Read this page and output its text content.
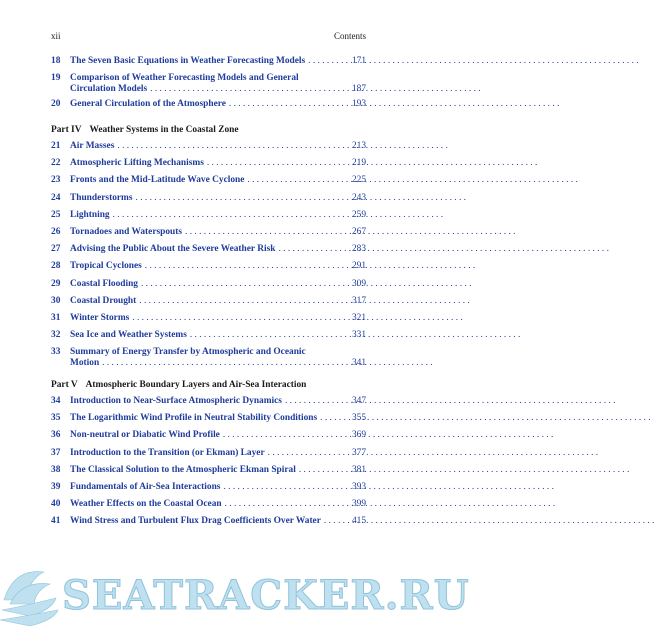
xii	Contents
18	The Seven Basic Equations in Weather Forecasting Models . . .	171
19	Comparison of Weather Forecasting Models and General
Circulation Models . . .	187
20	General Circulation of the Atmosphere . . .	193
Part IV Weather Systems in the Coastal Zone
21	Air Masses . . .	213
22	Atmospheric Lifting Mechanisms . . .	219
23	Fronts and the Mid-Latitude Wave Cyclone . . .	225
24	Thunderstorms . . .	243
25	Lightning . . .	259
26	Tornadoes and Waterspouts . . .	267
27	Advising the Public About the Severe Weather Risk . . .	283
28	Tropical Cyclones . . .	291
29	Coastal Flooding . . .	309
30	Coastal Drought . . .	317
31	Winter Storms . . .	321
32	Sea Ice and Weather Systems . . .	331
33	Summary of Energy Transfer by Atmospheric and Oceanic
Motion . . .	341
Part V Atmospheric Boundary Layers and Air-Sea Interaction
34	Introduction to Near-Surface Atmospheric Dynamics . . .	347
35	The Logarithmic Wind Profile in Neutral Stability Conditions . . .	355
36	Non-neutral or Diabatic Wind Profile . . .	369
37	Introduction to the Transition (or Ekman) Layer . . .	377
38	The Classical Solution to the Atmospheric Ekman Spiral . . .	381
39	Fundamentals of Air-Sea Interactions . . .	393
40	Weather Effects on the Coastal Ocean . . .	399
41	Wind Stress and Turbulent Flux Drag Coefficients Over Water . . .	415
SEATRACKER.RU
